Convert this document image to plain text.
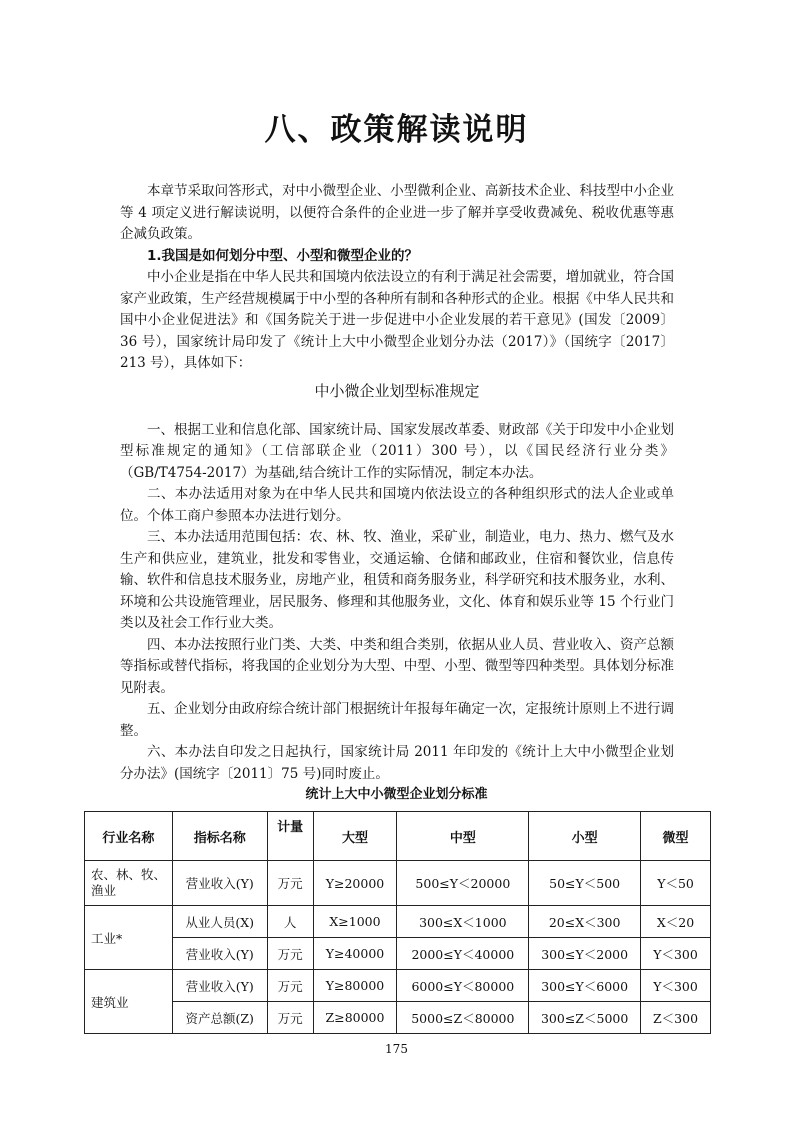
八、政策解读说明

本章节采取问答形式，对中小微型企业、小型微利企业、高新技术企业、科技型中小企业等 4 项定义进行解读说明，以便符合条件的企业进一步了解并享受收费减免、税收优惠等惠企减负政策。

1.我国是如何划分中型、小型和微型企业的？

中小企业是指在中华人民共和国境内依法设立的有利于满足社会需要，增加就业，符合国家产业政策，生产经营规模属于中小型的各种所有制和各种形式的企业。根据《中华人民共和国中小企业促进法》和《国务院关于进一步促进中小企业发展的若干意见》(国发〔2009〕36 号），国家统计局印发了《统计上大中小微型企业划分办法（2017）》（国统字〔2017〕213 号），具体如下：

中小微企业划型标准规定

一、根据工业和信息化部、国家统计局、国家发展改革委、财政部《关于印发中小企业划型标准规定的通知》（工信部联企业（2011）300 号），以《国民经济行业分类》（GB/T4754-2017）为基础,结合统计工作的实际情况，制定本办法。

二、本办法适用对象为在中华人民共和国境内依法设立的各种组织形式的法人企业或单位。个体工商户参照本办法进行划分。

三、本办法适用范围包括：农、林、牧、渔业，采矿业，制造业，电力、热力、燃气及水生产和供应业，建筑业，批发和零售业，交通运输、仓储和邮政业，住宿和餐饮业，信息传输、软件和信息技术服务业，房地产业，租赁和商务服务业，科学研究和技术服务业，水利、环境和公共设施管理业，居民服务、修理和其他服务业，文化、体育和娱乐业等 15 个行业门类以及社会工作行业大类。

四、本办法按照行业门类、大类、中类和组合类别，依据从业人员、营业收入、资产总额等指标或替代指标，将我国的企业划分为大型、中型、小型、微型等四种类型。具体划分标准见附表。

五、企业划分由政府综合统计部门根据统计年报每年确定一次，定报统计原则上不进行调整。

六、本办法自印发之日起执行，国家统计局 2011 年印发的《统计上大中小微型企业划分办法》(国统字〔2011〕75 号)同时废止。

统计上大中小微型企业划分标准
行业名称	指标名称	计量	大型	中型	小型	微型
农、林、牧、渔业	营业收入(Y)	万元	Y≥20000	500≤Y＜20000	50≤Y＜500	Y＜50
工业*	从业人员(X)	人	X≥1000	300≤X＜1000	20≤X＜300	X＜20
	营业收入(Y)	万元	Y≥40000	2000≤Y＜40000	300≤Y＜2000	Y＜300
建筑业	营业收入(Y)	万元	Y≥80000	6000≤Y＜80000	300≤Y＜6000	Y＜300
	资产总额(Z)	万元	Z≥80000	5000≤Z＜80000	300≤Z＜5000	Z＜300
175
